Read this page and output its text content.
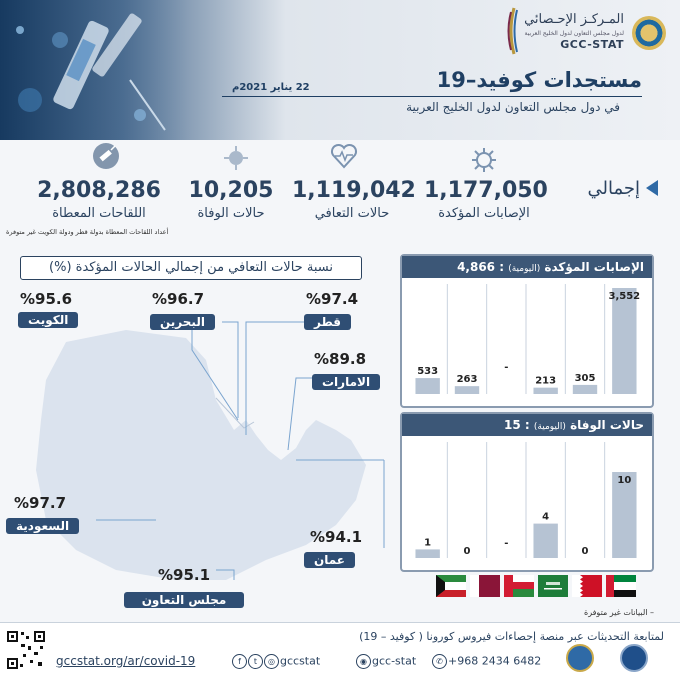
المـركـز الإحـصائي
لدول مجلس التعاون لدول الخليج العربية
GCC-STAT
مستجدات كوفيد–19
22 يناير 2021م
في دول مجلس التعاون لدول الخليج العربية
1,177,050
الإصابات المؤكدة
1,119,042
حالات التعافي
10,205
حالات الوفاة
2,808,286
اللقاحات المعطاة
إجمالي
أعداد اللقاحات المعطاة بدولة قطر ودولة الكويت غير متوفرة
نسبة حالات التعافي من إجمالي الحالات المؤكدة (%)
%95.6
الكويت
%96.7
البحرين
%97.4
قطر
%89.8
الامارات
%97.7
السعودية
%94.1
عمان
%95.1
مجلس التعاون
الإصابات المؤكدة (اليومية) : 4,866
533
263
-
213 305
3,552
حالات الوفاة (اليومية) : 15
1
0
-
4
0
10
– البيانات غير متوفرة
لمتابعة التحديثات عبر منصة إحصاءات فيروس كورونا ( كوفيد – 19)
gccstat.org/ar/covid-19	f t ◎ gccstat	◉ gcc-stat	✆ +968 2434 6482
